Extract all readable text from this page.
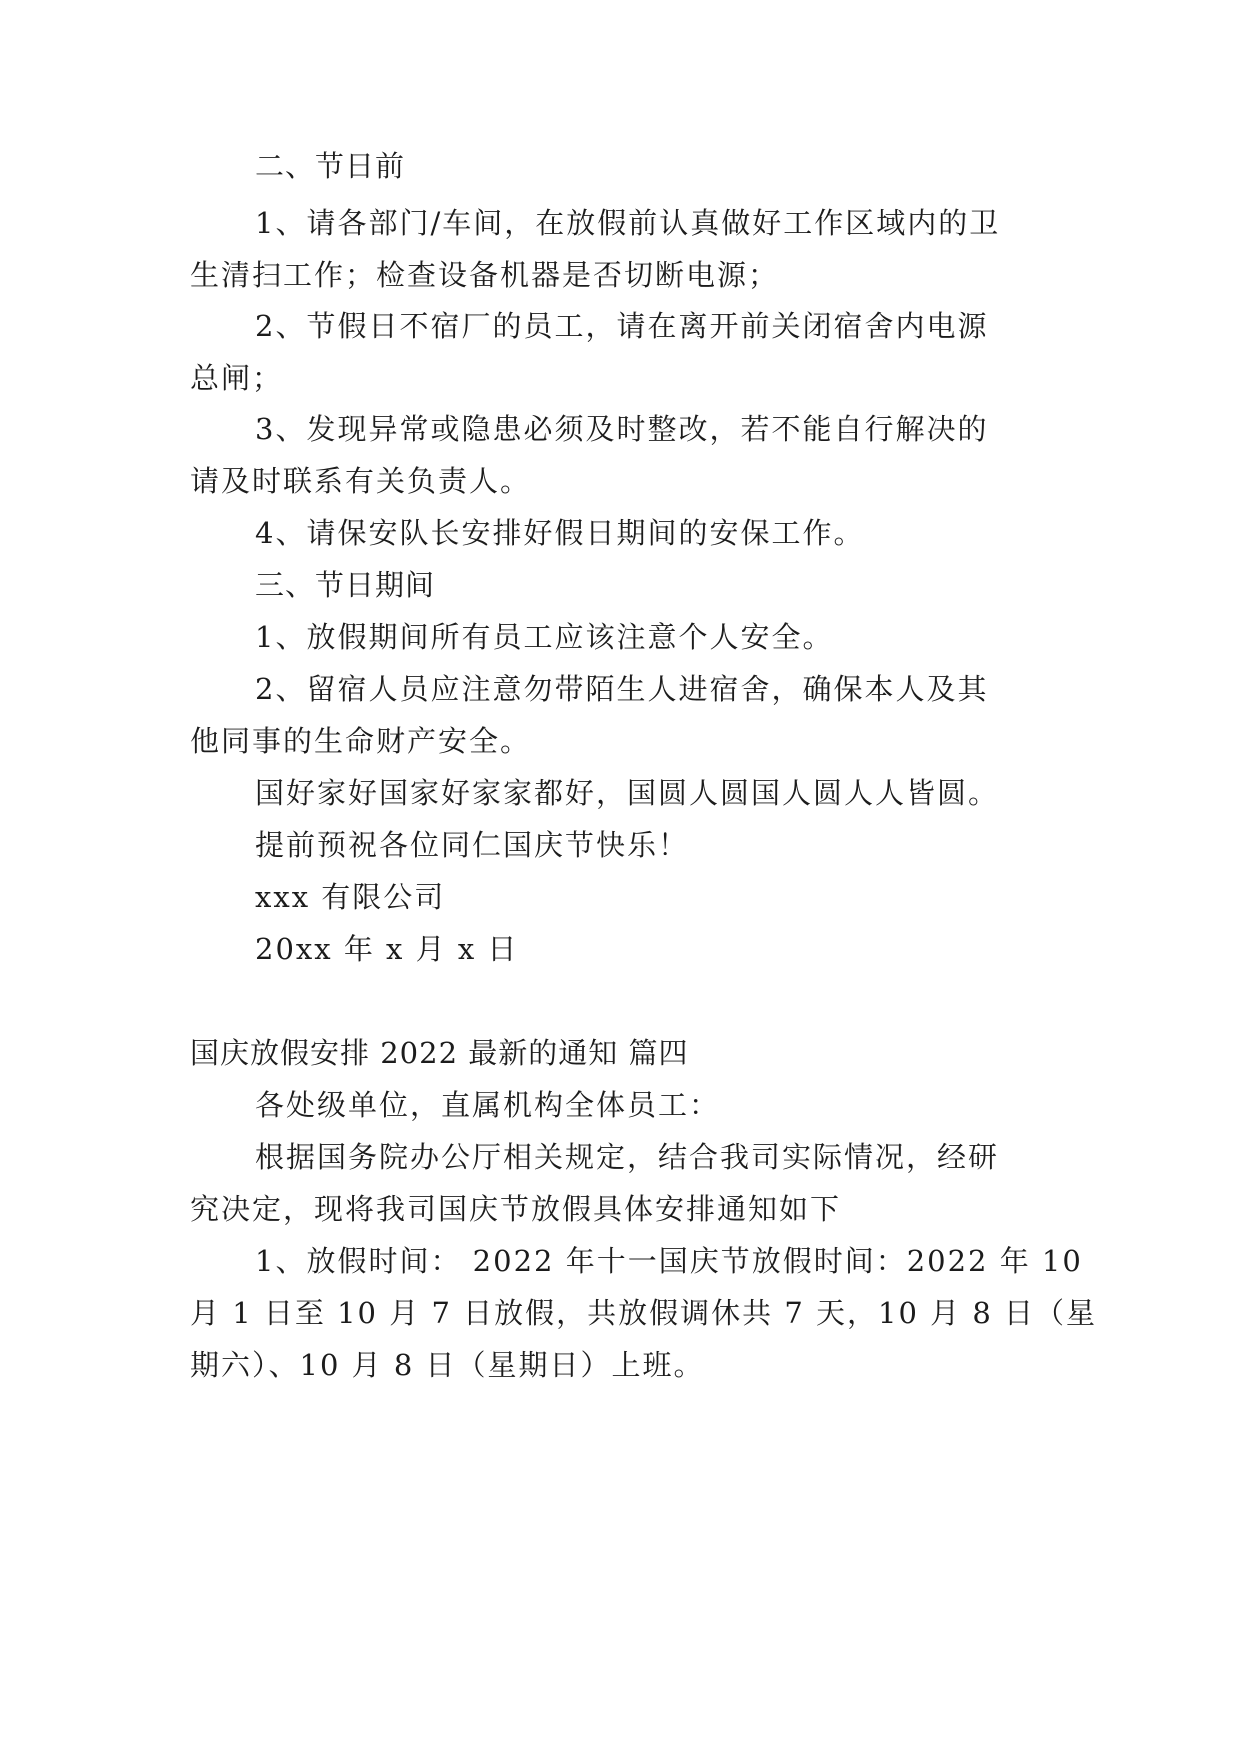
二、节日前

1、请各部门/车间，在放假前认真做好工作区域内的卫

生清扫工作；检查设备机器是否切断电源；

2、节假日不宿厂的员工，请在离开前关闭宿舍内电源

总闸；

3、发现异常或隐患必须及时整改，若不能自行解决的

请及时联系有关负责人。

4、请保安队长安排好假日期间的安保工作。

三、节日期间

1、放假期间所有员工应该注意个人安全。

2、留宿人员应注意勿带陌生人进宿舍，确保本人及其

他同事的生命财产安全。

国好家好国家好家家都好，国圆人圆国人圆人人皆圆。

提前预祝各位同仁国庆节快乐！

xxx 有限公司

20xx 年 x 月 x 日

国庆放假安排 2022 最新的通知 篇四

各处级单位，直属机构全体员工：

根据国务院办公厅相关规定，结合我司实际情况，经研

究决定，现将我司国庆节放假具体安排通知如下

1、放假时间： 2022 年十一国庆节放假时间：2022 年 10

月 1 日至 10 月 7 日放假，共放假调休共 7 天，10 月 8 日（星

期六）、10 月 8 日（星期日）上班。
